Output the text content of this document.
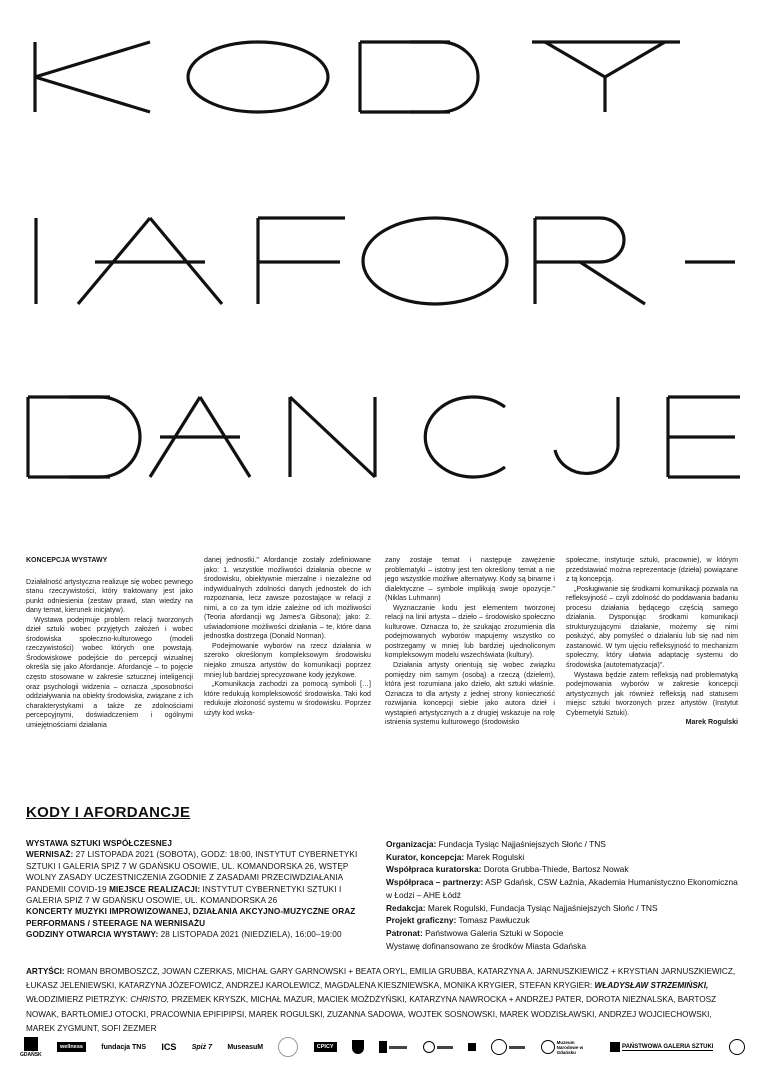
KONCEPCJA WYSTAWY

Działalność artystyczna realizuje się wobec pewnego stanu rzeczywistości, który traktowany jest jako punkt odniesienia (zestaw prawd, stan wiedzy na dany temat, kierunek inicjatyw).

Wystawa podejmuje problem relacji tworzonych dzieł sztuki wobec przyjętych założeń i wobec środowiska społeczno-kulturowego (modeli rzeczywistości) wobec których one powstają. Środowiskowe podejście do percepcji wizualnej określa się jako Afordancje. Afordancje – to pojęcie często stosowane w zakresie sztucznej inteligencji oraz psychologii widzenia – oznacza „sposobności oddziaływania na obiekty środowiska, związane z ich charakterystykami a także ze zdolnościami percepcyjnymi, doświadczeniem i ogólnymi umiejętnościami działania

danej jednostki." Afordancje zostały zdefiniowane jako: 1. wszystkie możliwości działania obecne w środowisku, obiektywnie mierzalne i niezależne od indywidualnych zdolności danych jednostek do ich rozpoznania, lecz zawsze pozostające w relacji z nimi, a co za tym idzie zależne od ich możliwości (Teoria afordancji wg James'a Gibsona); jako: 2. uświadomione możliwości działania – te, które dana jednostka dostrzega (Donald Norman).

Podejmowanie wyborów na rzecz działania w szeroko określonym kompleksowym środowisku niejako zmusza artystów do komunikacji poprzez mniej lub bardziej sprecyzowane kody językowe.

„Komunikacja zachodzi za pomocą symboli […] które redukują kompleksowość środowiska. Taki kod redukuje złożoność systemu w środowisku. Poprzez użyty kod wska-

zany zostaje temat i następuje zawężenie problematyki – istotny jest ten określony temat a nie jego wszystkie możliwe alternatywy. Kody są binarne i dialektyczne – symbole implikują swoje opozycje." (Niklas Luhmann)

Wyznaczanie kodu jest elementem tworzonej relacji na linii artysta – dzieło – środowisko społeczno kulturowe. Oznacza to, że szukając zrozumienia dla podejmowanych wyborów mapujemy wszystko co postrzegamy w mniej lub bardziej ujednoliconym kompleksowym modelu wszechświata (kultury).

Działania artysty orientują się wobec związku pomiędzy nim samym (osobą) a rzeczą (dziełem), która jest rozumiana jako dzieło, akt sztuki właśnie. Oznacza to dla artysty z jednej strony konieczność rozwijania koncepcji siebie jako autora dzieł i wystąpień artystycznych a z drugiej wskazuje na rolę istnienia systemu kulturowego (środowisko

społeczne, instytucje sztuki, pracownie), w którym przedstawiać można reprezentacje (dzieła) powiązane z tą koncepcją.

„Posługiwanie się środkami komunikacji pozwala na refleksyjność – czyli zdolność do poddawania badaniu procesu działania będącego częścią samego działania. Dysponując środkami komunikacji strukturyzującymi działanie, możemy się nimi posłużyć, aby pomyśleć o działaniu lub się nad nim zastanowić. W tym ujęciu refleksyjność to mechanizm społeczny, który ułatwia adaptację systemu do środowiska (autotematyzacja)".

Wystawa będzie zatem refleksją nad problematyką podejmowania wyborów w zakresie koncepcji artystycznych jak również refleksją nad statusem miejsc sztuki tworzonych przez artystów (Instytut Cybernetyki Sztuki).

Marek Rogulski

KODY I AFORDANCJE
WYSTAWA SZTUKI WSPÓŁCZESNEJ
WERNISAŻ: 27 LISTOPADA 2021 (SOBOTA), GODZ: 18:00, INSTYTUT CYBERNETYKI SZTUKI I GALERIA SPIŻ 7 W GDAŃSKU OSOWIE, UL. KOMANDORSKA 26, WSTĘP WOLNY ZASADY UCZESTNICZENIA ZGODNIE Z ZASADAMI PRZECIWDZIAŁANIA PANDEMII COVID-19 MIEJSCE REALIZACJI: INSTYTUT CYBERNETYKI SZTUKI I GALERIA SPIŻ 7 W GDAŃSKU OSOWIE, UL. KOMANDORSKA 26
KONCERTY MUZYKI IMPROWIZOWANEJ, DZIAŁANIA AKCYJNO-MUZYCZNE ORAZ PERFORMANS / STEERAGE NA WERNISAŻU
GODZINY OTWARCIA WYSTAWY: 28 LISTOPADA 2021 (NIEDZIELA), 16:00–19:00
Organizacja: Fundacja Tysiąc Najjaśniejszych Słońc / TNS
Kurator, koncepcja: Marek Rogulski
Współpraca kuratorska: Dorota Grubba-Thiede, Bartosz Nowak
Współpraca – partnerzy: ASP Gdańsk, CSW Łaźnia, Akademia Humanistyczno Ekonomiczna w Łodzi – AHE Łódź
Redakcja: Marek Rogulski, Fundacja Tysiąc Najjaśniejszych Słońc / TNS
Projekt graficzny: Tomasz Pawłuczuk
Patronat: Państwowa Galeria Sztuki w Sopocie
Wystawę dofinansowano ze środków Miasta Gdańska
ARTYŚCI: ROMAN BROMBOSZCZ, JOWAN CZERKAS, MICHAŁ GARY GARNOWSKI + BEATA ORYL, EMILIA GRUBBA, KATARZYNA A. JARNUSZKIEWICZ + KRYSTIAN JARNUSZKIEWICZ, ŁUKASZ JELENIEWSKI, KATARZYNA JÓZEFOWICZ, ANDRZEJ KAROLEWICZ, MAGDALENA KIESZNIEWSKA, MONIKA KRYGIER, STEFAN KRYGIER: WŁADYSŁAW STRZEMIŃSKI, WŁODZIMIERZ PIETRZYK: CHRISTO, PRZEMEK KRYSZK, MICHAŁ MAZUR, MACIEK MOŻDŻYŃSKI, KATARZYNA NAWROCKA + ANDRZEJ PATER, DOROTA NIEZNALSKA, BARTOSZ NOWAK, BARTŁOMIEJ OTOCKI, PRACOWNIA EPIFIPIPSI, MAREK ROGULSKI, ZUZANNA SADOWA, WOJTEK SOSNOWSKI, MAREK WODZISŁAWSKI, ANDRZEJ WOJCIECHOWSKI, MAREK ZYGMUNT, SOFI ŻEZMER
GDAŃSK
wellness	fundacja TNS ICS Spiż 7 MuseasuM	CPICY
Muzeum Narodowe w Gdańsku
PAŃSTWOWA GALERIA SZTUKI
